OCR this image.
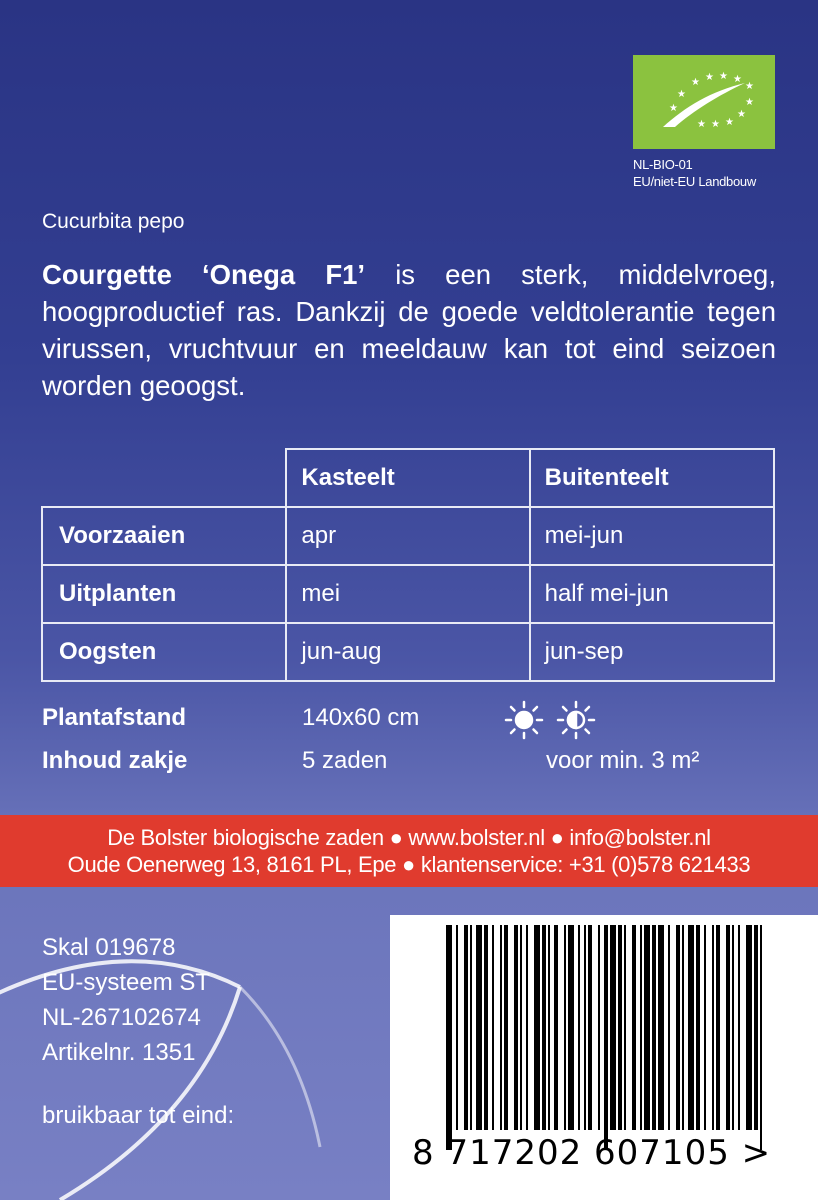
★ ★ ★ ★
★
★
★
★
★
★
★
★
NL-BIO-01
EU/niet-EU Landbouw
Cucurbita pepo
Courgette ‘Onega F1’ is een sterk, middelvroeg, hoogproductief ras. Dankzij de goede veldtolerantie tegen virussen, vruchtvuur en meeldauw kan tot eind seizoen worden geoogst.
	Kasteelt	Buitenteelt
Voorzaaien	apr	mei-jun
Uitplanten	mei	half mei-jun
Oogsten	jun-aug	jun-sep
Plantafstand	140x60 cm
Inhoud zakje	5 zaden	voor min. 3 m²
De Bolster biologische zaden ● www.bolster.nl ● info@bolster.nl
Oude Oenerweg 13, 8161 PL, Epe ● klantenservice: +31 (0)578 621433
Skal 019678
EU-systeem ST
NL-267102674
Artikelnr. 1351
bruikbaar tot eind:
8 717202 607105 >
